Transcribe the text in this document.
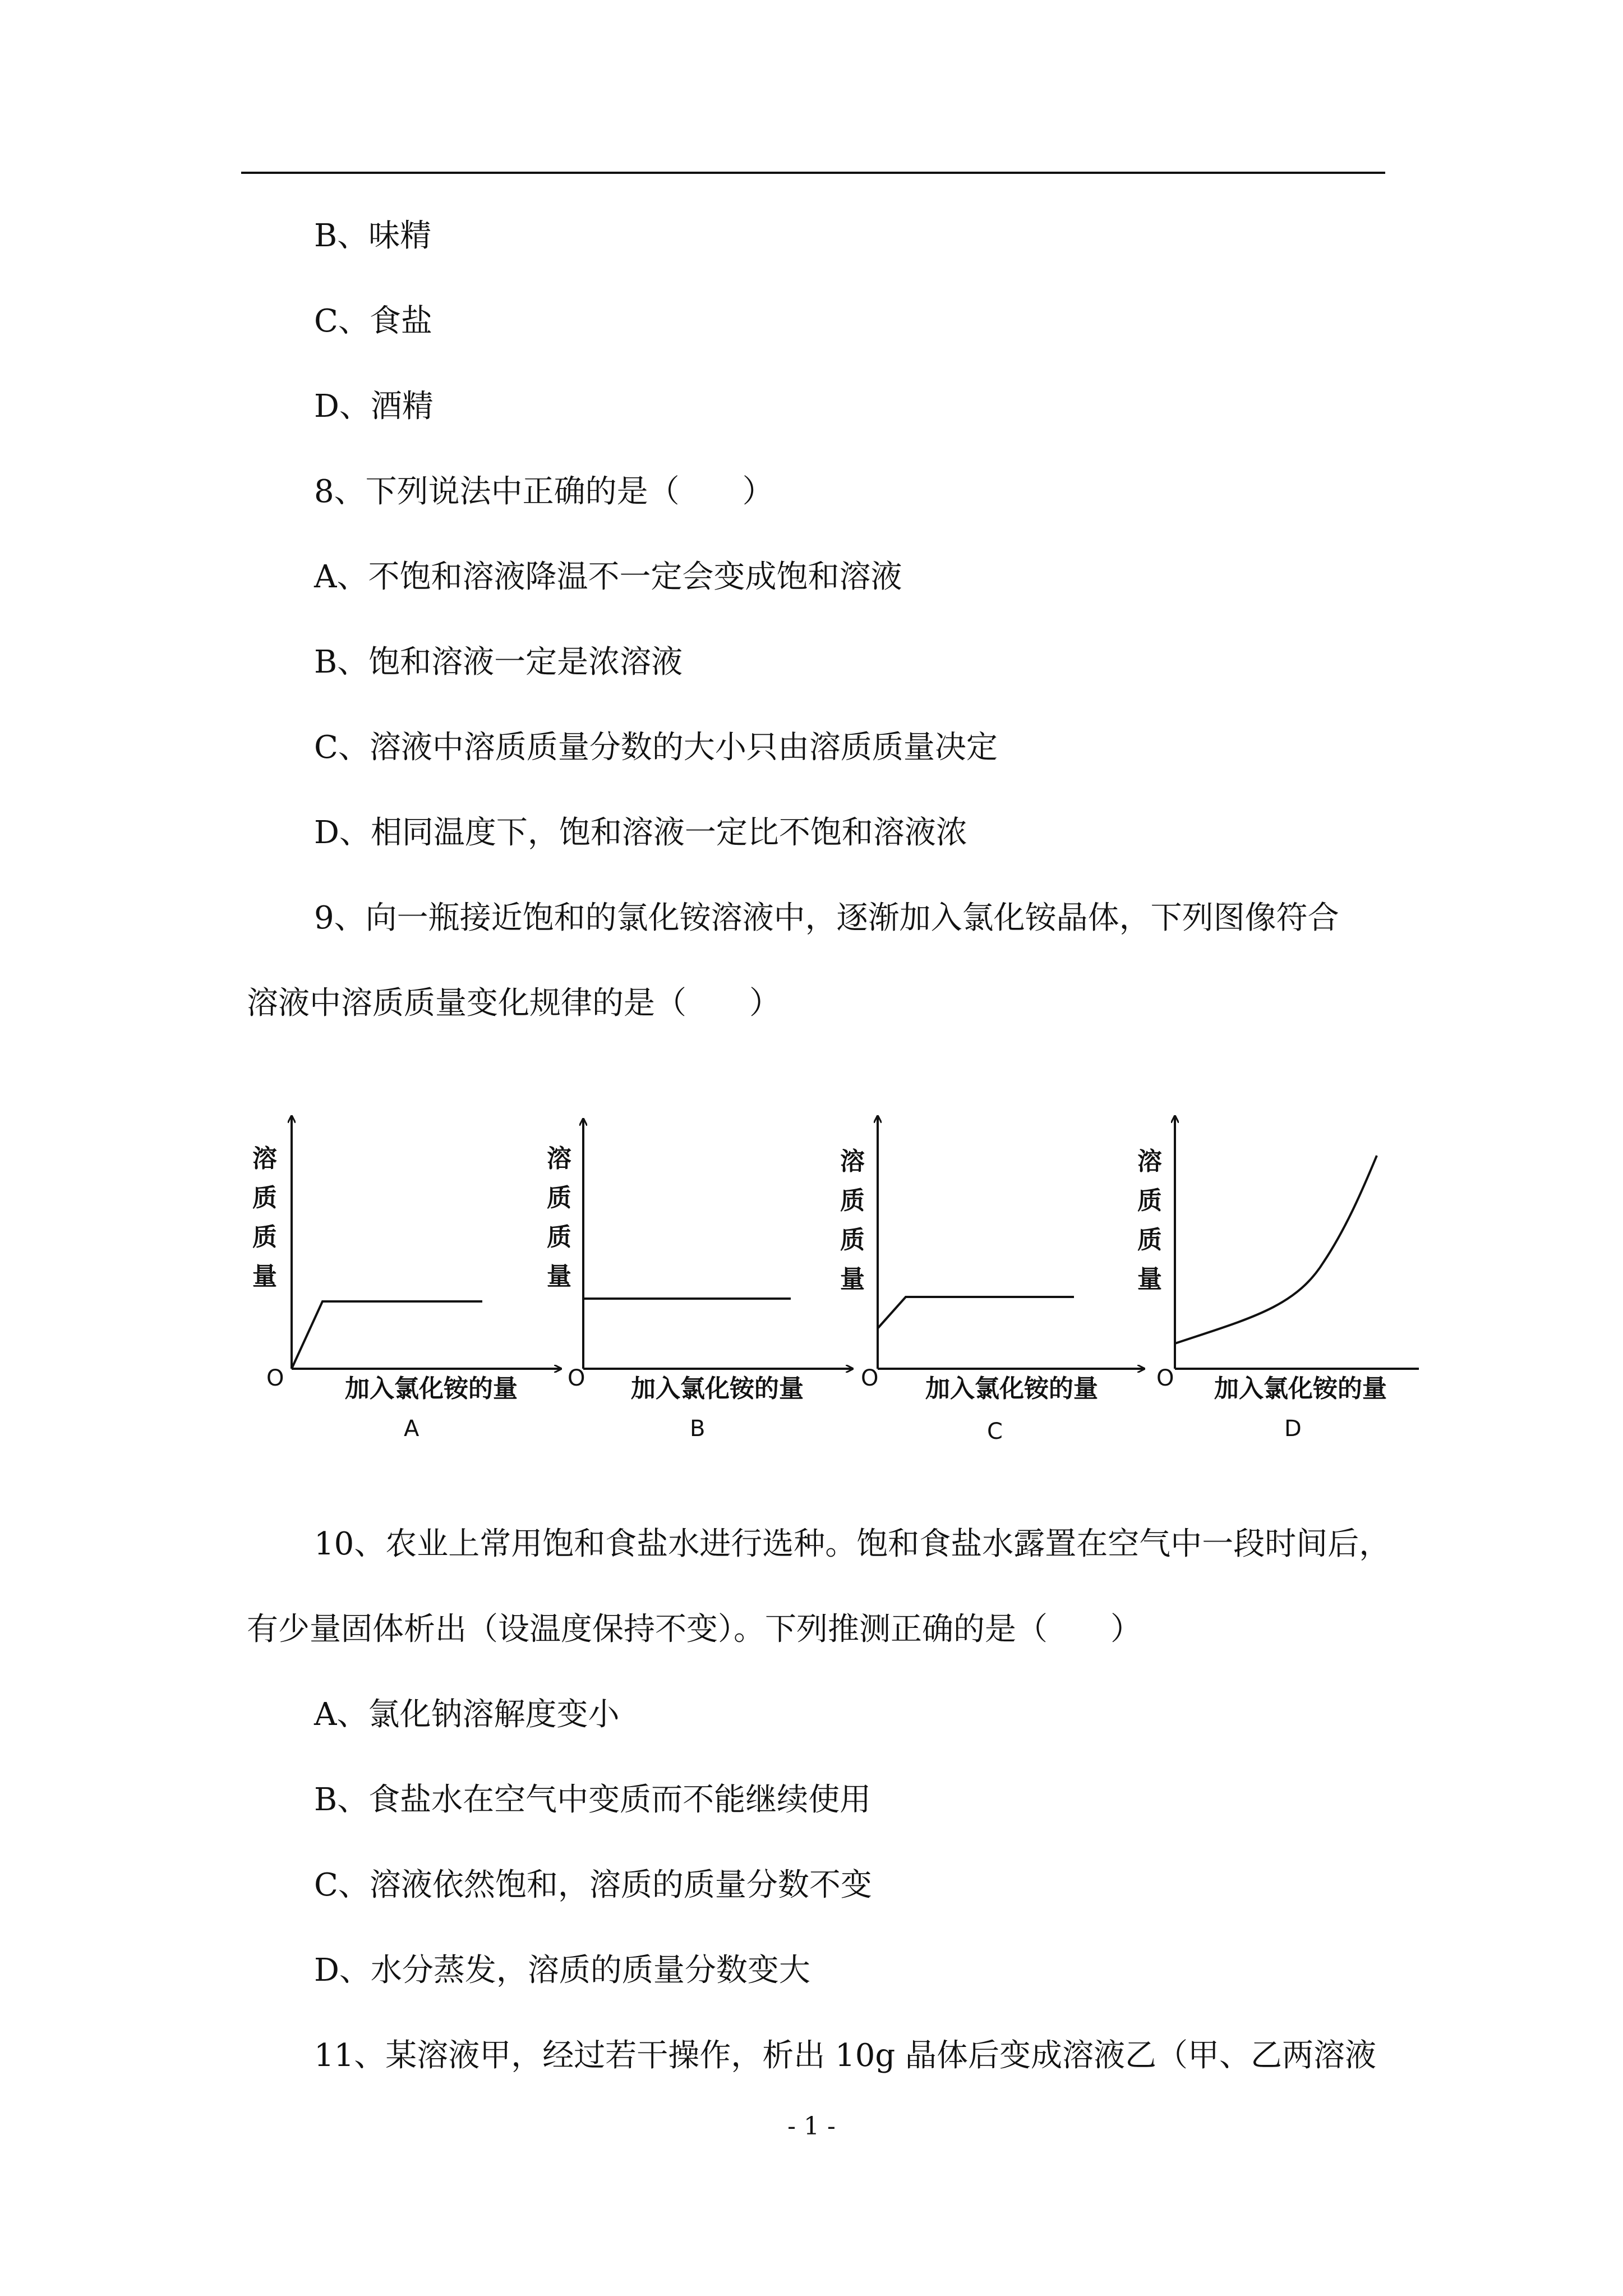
B、味精
C、食盐
D、酒精
8、下列说法中正确的是（　　）
A、不饱和溶液降温不一定会变成饱和溶液
B、饱和溶液一定是浓溶液
C、溶液中溶质质量分数的大小只由溶质质量决定
D、相同温度下，饱和溶液一定比不饱和溶液浓
9、向一瓶接近饱和的氯化铵溶液中，逐渐加入氯化铵晶体，下列图像符合
溶液中溶质质量变化规律的是（　　）
溶
质
质
量
O 加入氯化铵的量
A
溶
质
质
量
O 加入氯化铵的量
B
溶
质
质
量
O 加入氯化铵的量
C
溶
质
质
量
O 加入氯化铵的量
D
10、农业上常用饱和食盐水进行选种。饱和食盐水露置在空气中一段时间后，
有少量固体析出（设温度保持不变）。下列推测正确的是（　　）
A、氯化钠溶解度变小
B、食盐水在空气中变质而不能继续使用
C、溶液依然饱和，溶质的质量分数不变
D、水分蒸发，溶质的质量分数变大
11、某溶液甲，经过若干操作，析出 10g 晶体后变成溶液乙（甲、乙两溶液
- 1 -
